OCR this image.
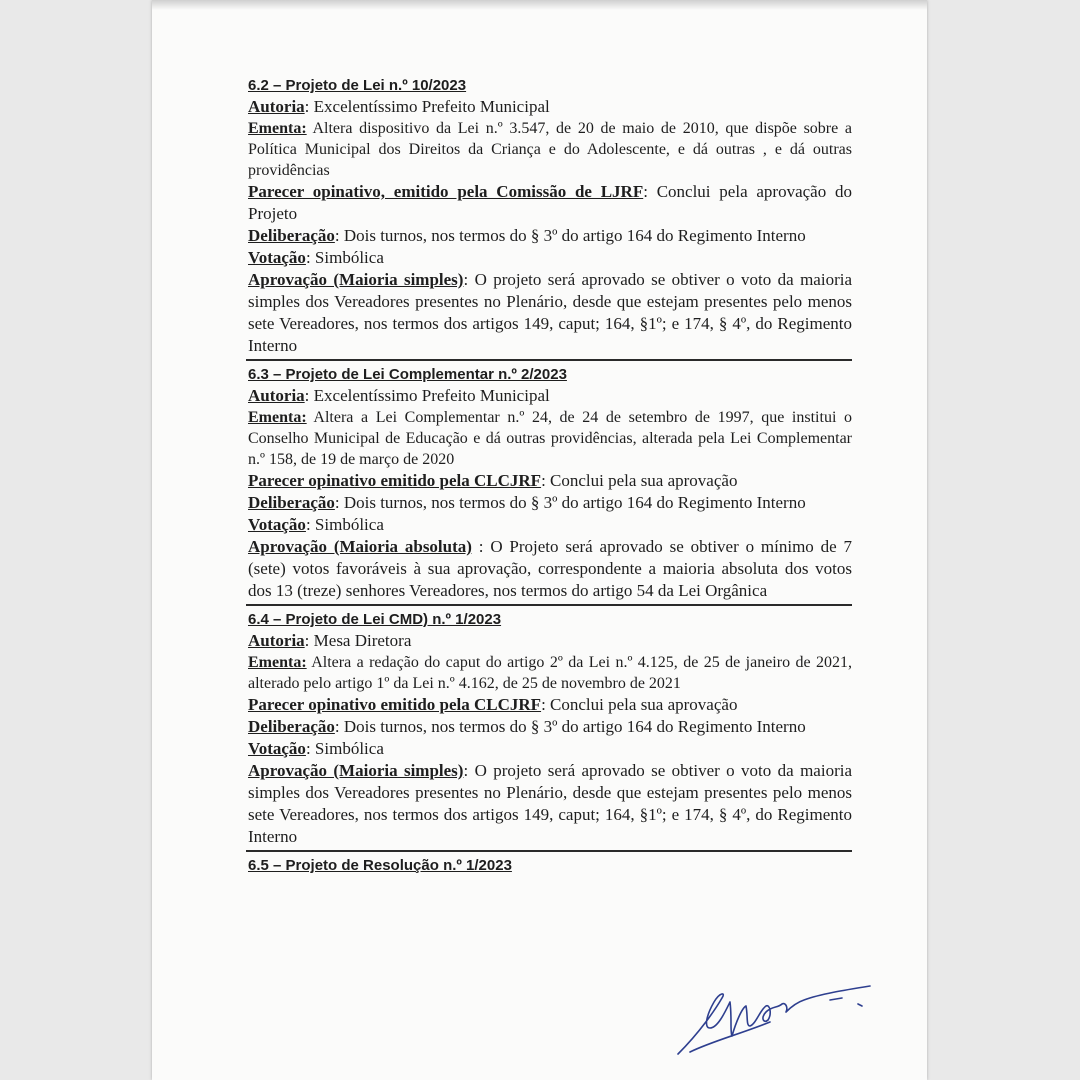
6.2 – Projeto de Lei n.º 10/2023

Autoria: Excelentíssimo Prefeito Municipal

Ementa: Altera dispositivo da Lei n.º 3.547, de 20 de maio de 2010, que dispõe sobre a Política Municipal dos Direitos da Criança e do Adolescente, e dá outras , e dá outras providências

Parecer opinativo, emitido pela Comissão de LJRF: Conclui pela aprovação do Projeto

Deliberação: Dois turnos, nos termos do § 3º do artigo 164 do Regimento Interno

Votação: Simbólica

Aprovação (Maioria simples): O projeto será aprovado se obtiver o voto da maioria simples dos Vereadores presentes no Plenário, desde que estejam presentes pelo menos sete Vereadores, nos termos dos artigos 149, caput; 164, §1º; e 174, § 4º, do Regimento Interno

6.3 – Projeto de Lei Complementar n.º 2/2023

Autoria: Excelentíssimo Prefeito Municipal

Ementa: Altera a Lei Complementar n.º 24, de 24 de setembro de 1997, que institui o Conselho Municipal de Educação e dá outras providências, alterada pela Lei Complementar n.º 158, de 19 de março de 2020

Parecer opinativo emitido pela CLCJRF: Conclui pela sua aprovação

Deliberação: Dois turnos, nos termos do § 3º do artigo 164 do Regimento Interno

Votação: Simbólica

Aprovação (Maioria absoluta) : O Projeto será aprovado se obtiver o mínimo de 7 (sete) votos favoráveis à sua aprovação, correspondente a maioria absoluta dos votos dos 13 (treze) senhores Vereadores, nos termos do artigo 54 da Lei Orgânica

6.4 – Projeto de Lei CMD) n.º 1/2023

Autoria: Mesa Diretora

Ementa: Altera a redação do caput do artigo 2º da Lei n.º 4.125, de 25 de janeiro de 2021, alterado pelo artigo 1º da Lei n.º 4.162, de 25 de novembro de 2021

Parecer opinativo emitido pela CLCJRF: Conclui pela sua aprovação

Deliberação: Dois turnos, nos termos do § 3º do artigo 164 do Regimento Interno

Votação: Simbólica

Aprovação (Maioria simples): O projeto será aprovado se obtiver o voto da maioria simples dos Vereadores presentes no Plenário, desde que estejam presentes pelo menos sete Vereadores, nos termos dos artigos 149, caput; 164, §1º; e 174, § 4º, do Regimento Interno

6.5 – Projeto de Resolução n.º 1/2023
